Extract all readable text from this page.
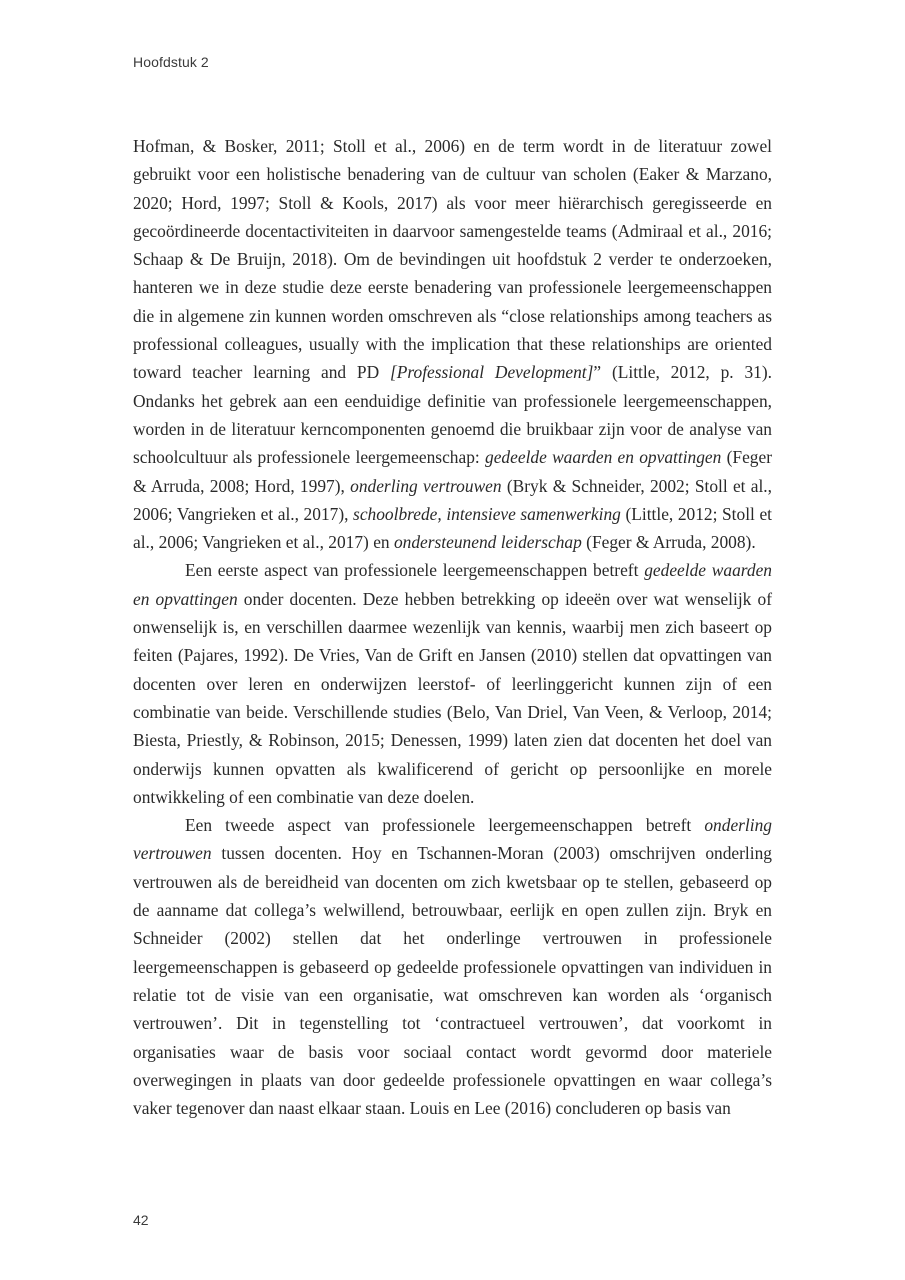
Hoofdstuk 2

Hofman, & Bosker, 2011; Stoll et al., 2006) en de term wordt in de literatuur zowel gebruikt voor een holistische benadering van de cultuur van scholen (Eaker & Marzano, 2020; Hord, 1997; Stoll & Kools, 2017) als voor meer hiërarchisch geregisseerde en gecoördineerde docentactiviteiten in daarvoor samengestelde teams (Admiraal et al., 2016; Schaap & De Bruijn, 2018). Om de bevindingen uit hoofdstuk 2 verder te onderzoeken, hanteren we in deze studie deze eerste benadering van professionele leergemeenschappen die in algemene zin kunnen worden omschreven als “close relationships among teachers as professional colleagues, usually with the implication that these relationships are oriented toward teacher learning and PD [Professional Development]” (Little, 2012, p. 31). Ondanks het gebrek aan een eenduidige definitie van professionele leergemeenschappen, worden in de literatuur kerncomponenten genoemd die bruikbaar zijn voor de analyse van schoolcultuur als professionele leergemeenschap: gedeelde waarden en opvattingen (Feger & Arruda, 2008; Hord, 1997), onderling vertrouwen (Bryk & Schneider, 2002; Stoll et al., 2006; Vangrieken et al., 2017), schoolbrede, intensieve samenwerking (Little, 2012; Stoll et al., 2006; Vangrieken et al., 2017) en ondersteunend leiderschap (Feger & Arruda, 2008).

Een eerste aspect van professionele leergemeenschappen betreft gedeelde waarden en opvattingen onder docenten. Deze hebben betrekking op ideeën over wat wenselijk of onwenselijk is, en verschillen daarmee wezenlijk van kennis, waarbij men zich baseert op feiten (Pajares, 1992). De Vries, Van de Grift en Jansen (2010) stellen dat opvattingen van docenten over leren en onderwijzen leerstof- of leerlinggericht kunnen zijn of een combinatie van beide. Verschillende studies (Belo, Van Driel, Van Veen, & Verloop, 2014; Biesta, Priestly, & Robinson, 2015; Denessen, 1999) laten zien dat docenten het doel van onderwijs kunnen opvatten als kwalificerend of gericht op persoonlijke en morele ontwikkeling of een combinatie van deze doelen.

Een tweede aspect van professionele leergemeenschappen betreft onderling vertrouwen tussen docenten. Hoy en Tschannen-Moran (2003) omschrijven onderling vertrouwen als de bereidheid van docenten om zich kwetsbaar op te stellen, gebaseerd op de aanname dat collega’s welwillend, betrouwbaar, eerlijk en open zullen zijn. Bryk en Schneider (2002) stellen dat het onderlinge vertrouwen in professionele leergemeenschappen is gebaseerd op gedeelde professionele opvattingen van individuen in relatie tot de visie van een organisatie, wat omschreven kan worden als ‘organisch vertrouwen’. Dit in tegenstelling tot ‘contractueel vertrouwen’, dat voorkomt in organisaties waar de basis voor sociaal contact wordt gevormd door materiele overwegingen in plaats van door gedeelde professionele opvattingen en waar collega’s vaker tegenover dan naast elkaar staan. Louis en Lee (2016) concluderen op basis van

42
